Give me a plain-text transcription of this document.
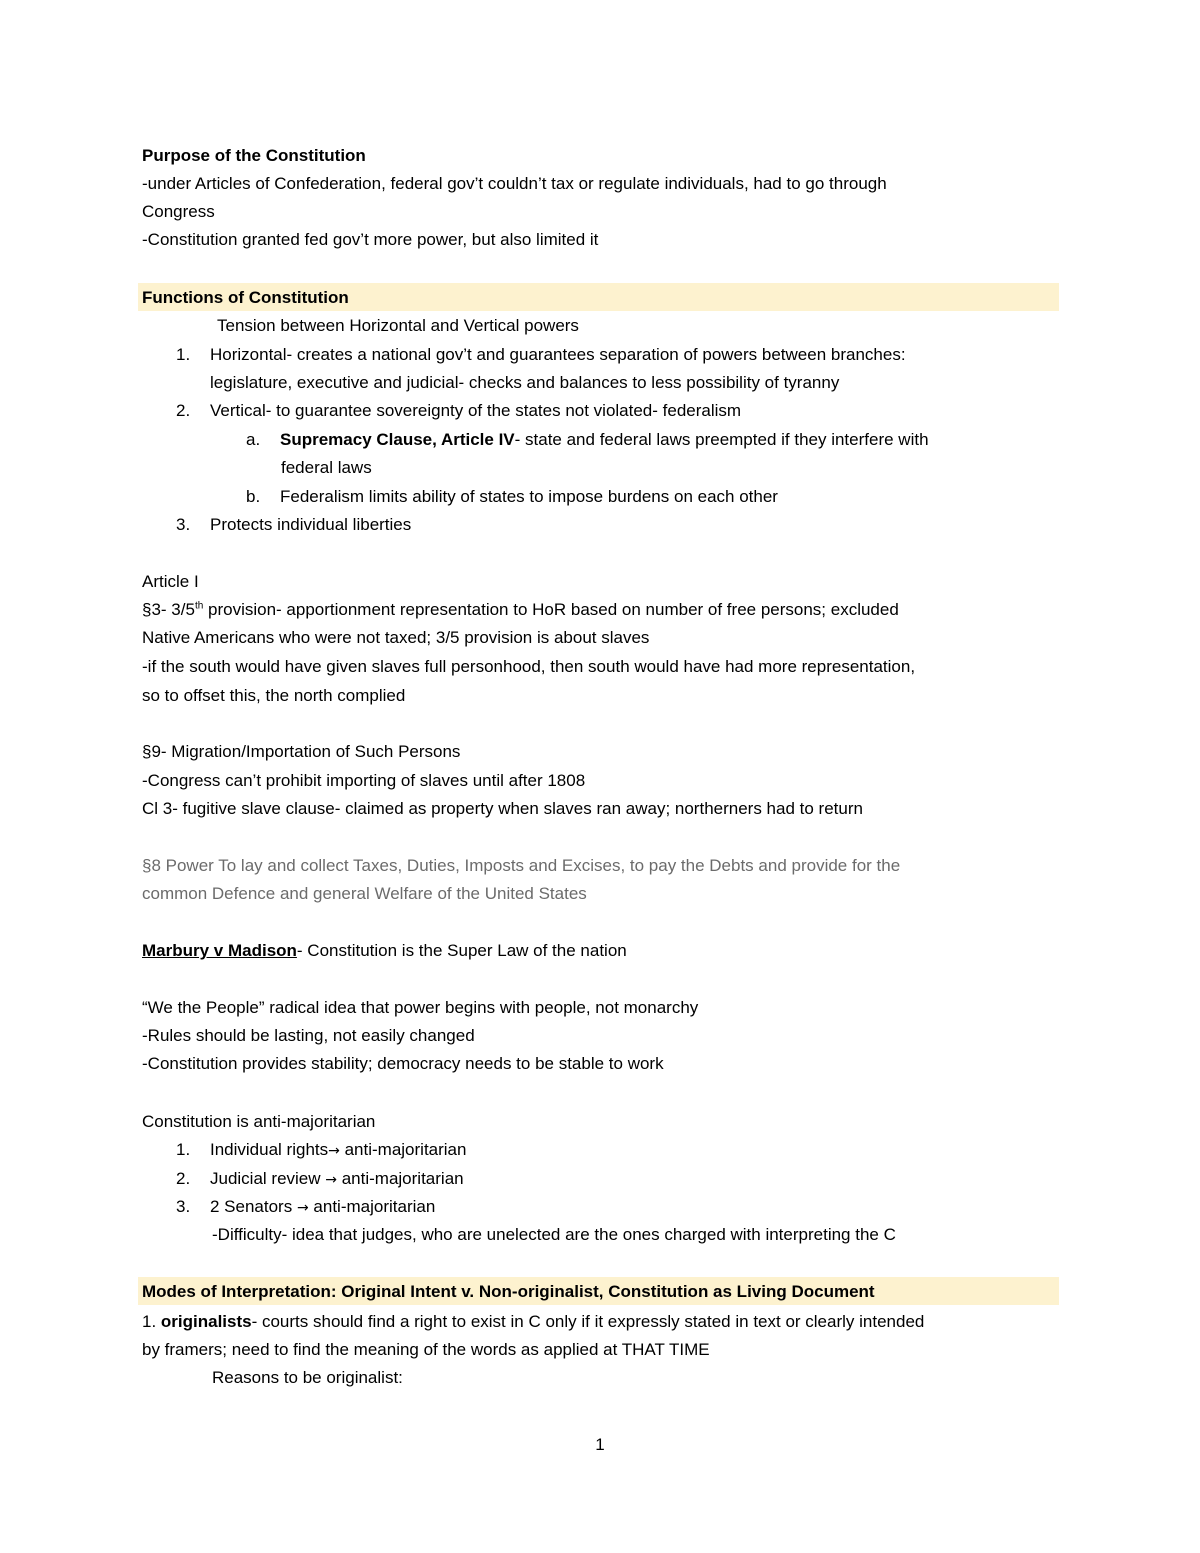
Purpose of the Constitution
-under Articles of Confederation, federal gov’t couldn’t tax or regulate individuals, had to go through
Congress
-Constitution granted fed gov’t more power, but also limited it
Functions of Constitution
Tension between Horizontal and Vertical powers
1. Horizontal- creates a national gov’t and guarantees separation of powers between branches:
legislature, executive and judicial- checks and balances to less possibility of tyranny
2. Vertical- to guarantee sovereignty of the states not violated- federalism
a. Supremacy Clause, Article IV- state and federal laws preempted if they interfere with
federal laws
b. Federalism limits ability of states to impose burdens on each other
3. Protects individual liberties
Article I
§3- 3/5th provision- apportionment representation to HoR based on number of free persons; excluded
Native Americans who were not taxed; 3/5 provision is about slaves
-if the south would have given slaves full personhood, then south would have had more representation,
so to offset this, the north complied
§9- Migration/Importation of Such Persons
-Congress can’t prohibit importing of slaves until after 1808
Cl 3- fugitive slave clause- claimed as property when slaves ran away; northerners had to return
§8 Power To lay and collect Taxes, Duties, Imposts and Excises, to pay the Debts and provide for the
common Defence and general Welfare of the United States
Marbury v Madison- Constitution is the Super Law of the nation
“We the People” radical idea that power begins with people, not monarchy
-Rules should be lasting, not easily changed
-Constitution provides stability; democracy needs to be stable to work
Constitution is anti-majoritarian
1. Individual rights→ anti-majoritarian
2. Judicial review → anti-majoritarian
3. 2 Senators → anti-majoritarian
-Difficulty- idea that judges, who are unelected are the ones charged with interpreting the C
Modes of Interpretation: Original Intent v. Non-originalist, Constitution as Living Document
1. originalists- courts should find a right to exist in C only if it expressly stated in text or clearly intended
by framers; need to find the meaning of the words as applied at THAT TIME
Reasons to be originalist:
1
